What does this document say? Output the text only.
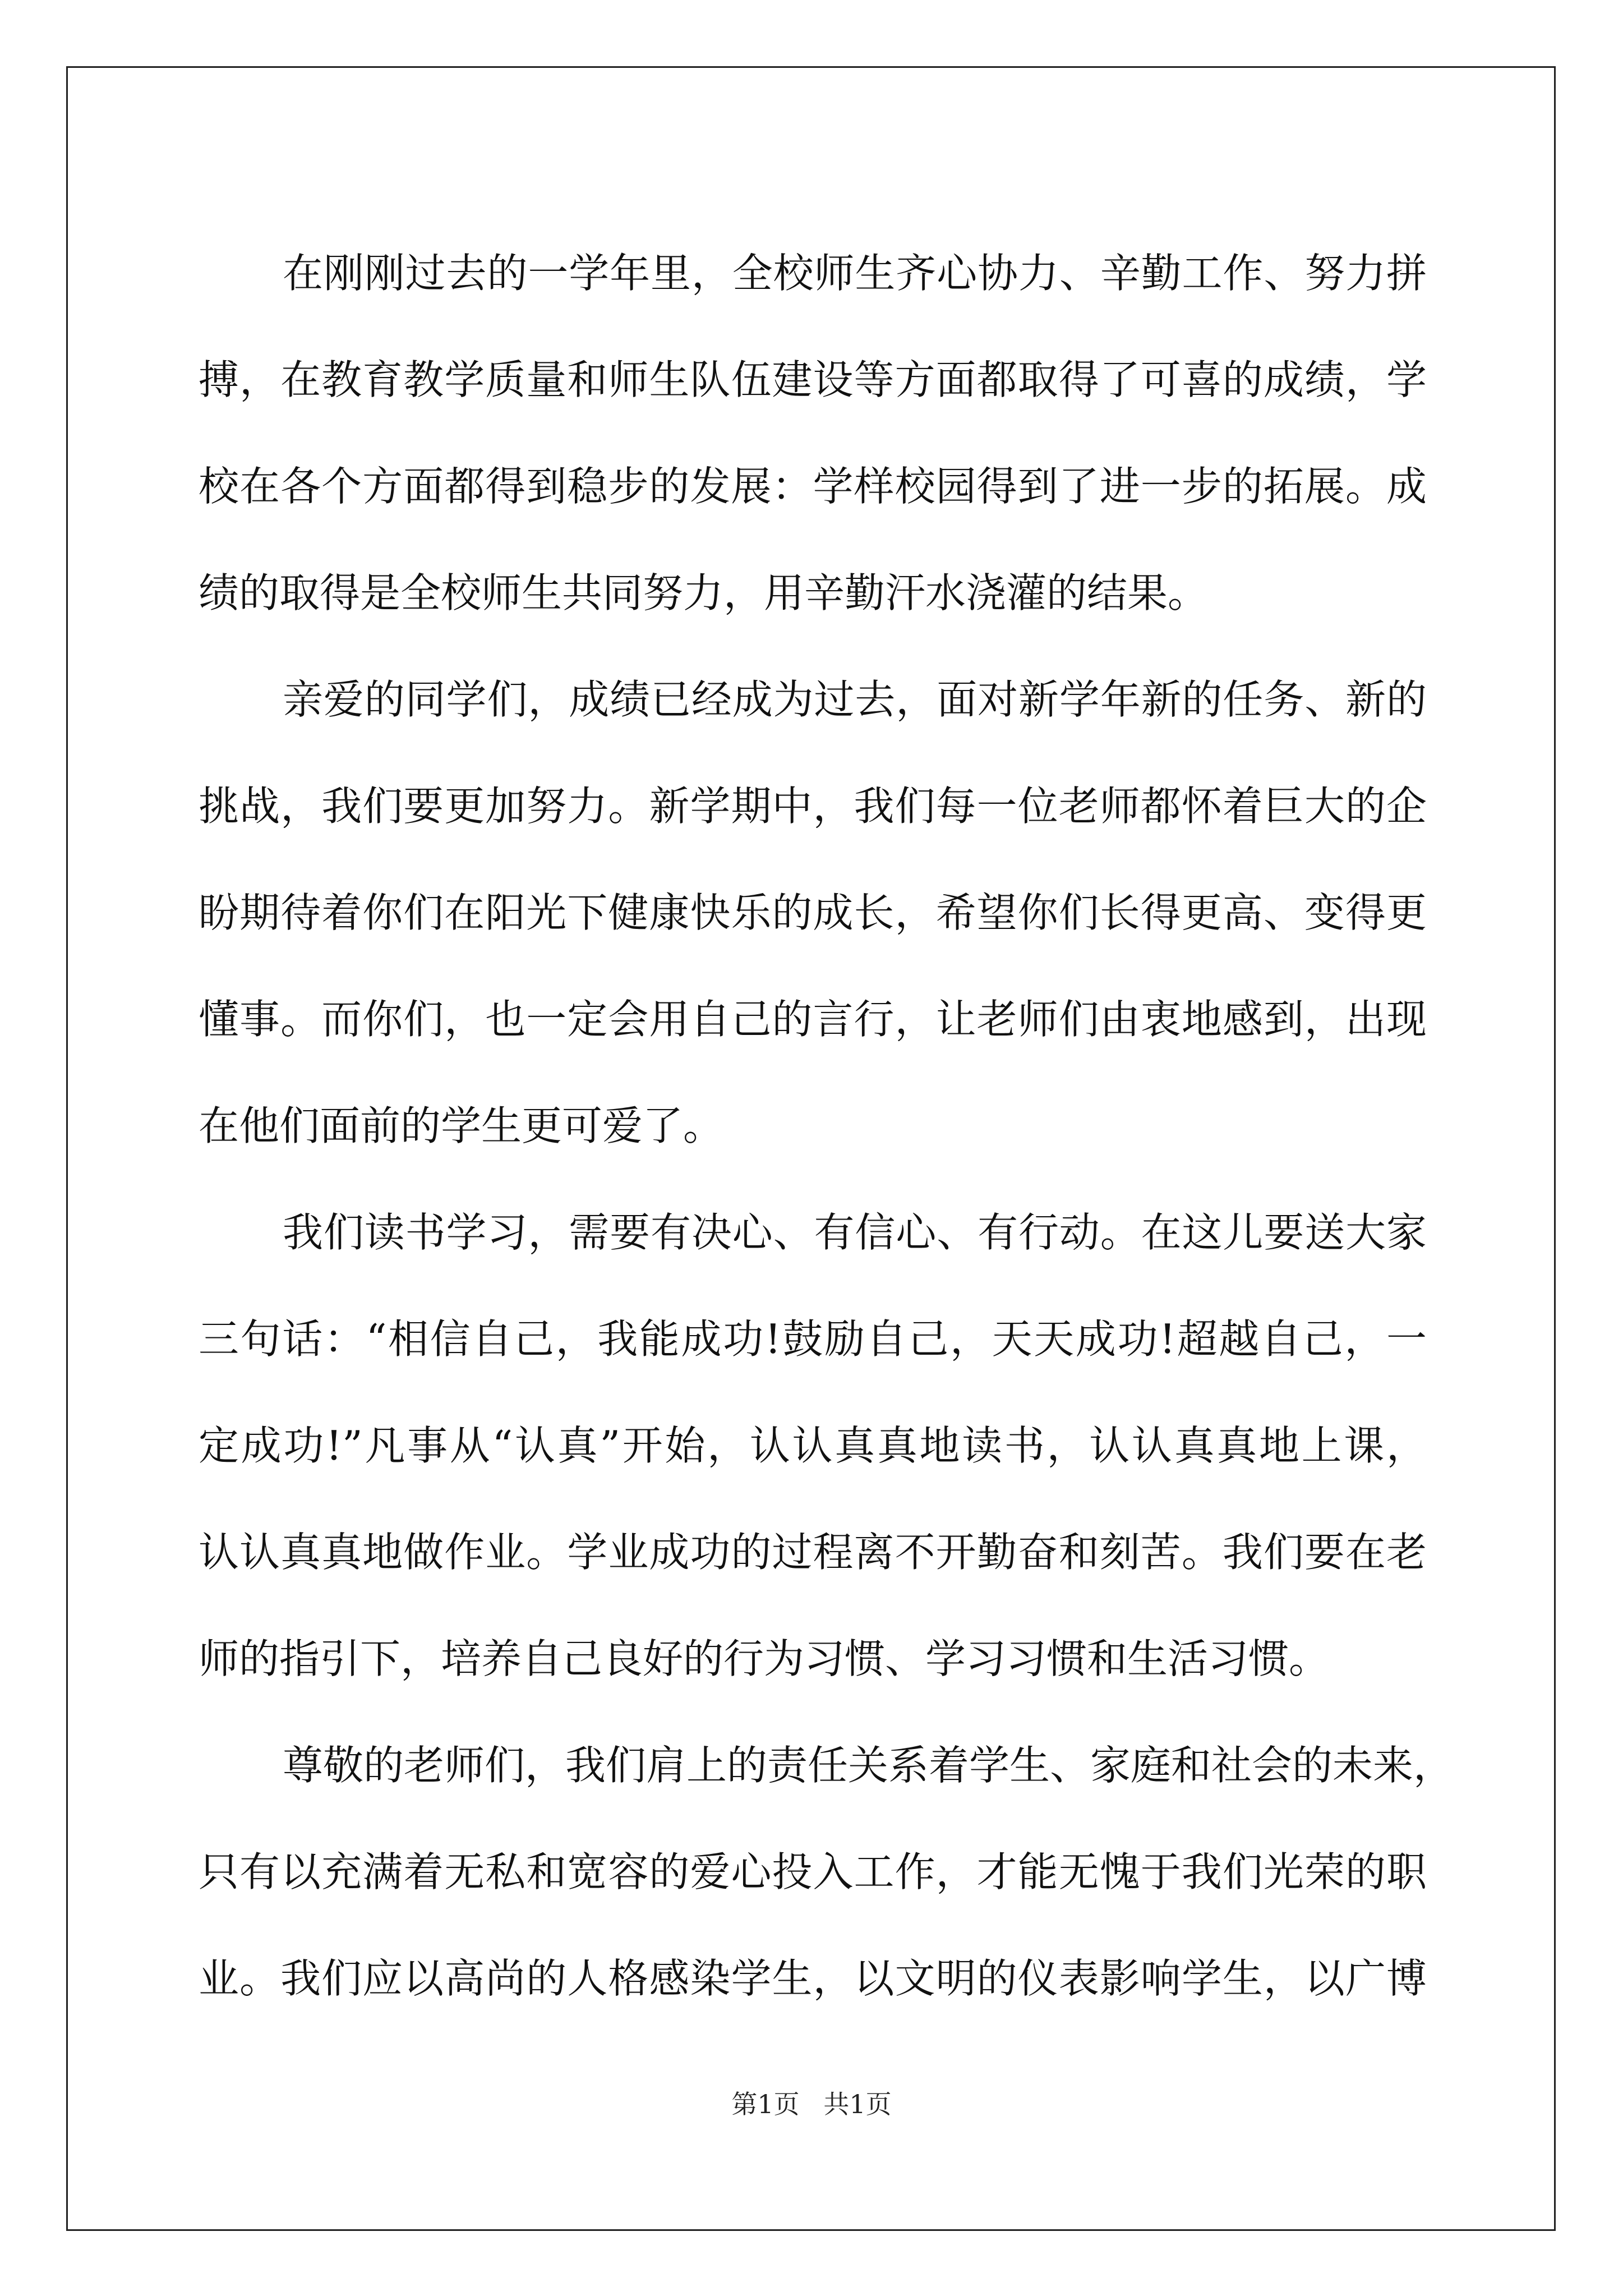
在刚刚过去的一学年里，全校师生齐心协力、辛勤工作、努力拼
搏，在教育教学质量和师生队伍建设等方面都取得了可喜的成绩，学
校在各个方面都得到稳步的发展：学样校园得到了进一步的拓展。成
绩的取得是全校师生共同努力，用辛勤汗水浇灌的结果。
亲爱的同学们，成绩已经成为过去，面对新学年新的任务、新的
挑战，我们要更加努力。新学期中，我们每一位老师都怀着巨大的企
盼期待着你们在阳光下健康快乐的成长，希望你们长得更高、变得更
懂事。而你们，也一定会用自己的言行，让老师们由衷地感到，出现
在他们面前的学生更可爱了。
我们读书学习，需要有决心、有信心、有行动。在这儿要送大家
三句话：“相信自己，我能成功!鼓励自己，天天成功!超越自己，一
定成功!”凡事从“认真”开始，认认真真地读书，认认真真地上课，
认认真真地做作业。学业成功的过程离不开勤奋和刻苦。我们要在老
师的指引下，培养自己良好的行为习惯、学习习惯和生活习惯。
尊敬的老师们，我们肩上的责任关系着学生、家庭和社会的未来，
只有以充满着无私和宽容的爱心投入工作，才能无愧于我们光荣的职
业。我们应以高尚的人格感染学生，以文明的仪表影响学生，以广博
第1页 共1页
